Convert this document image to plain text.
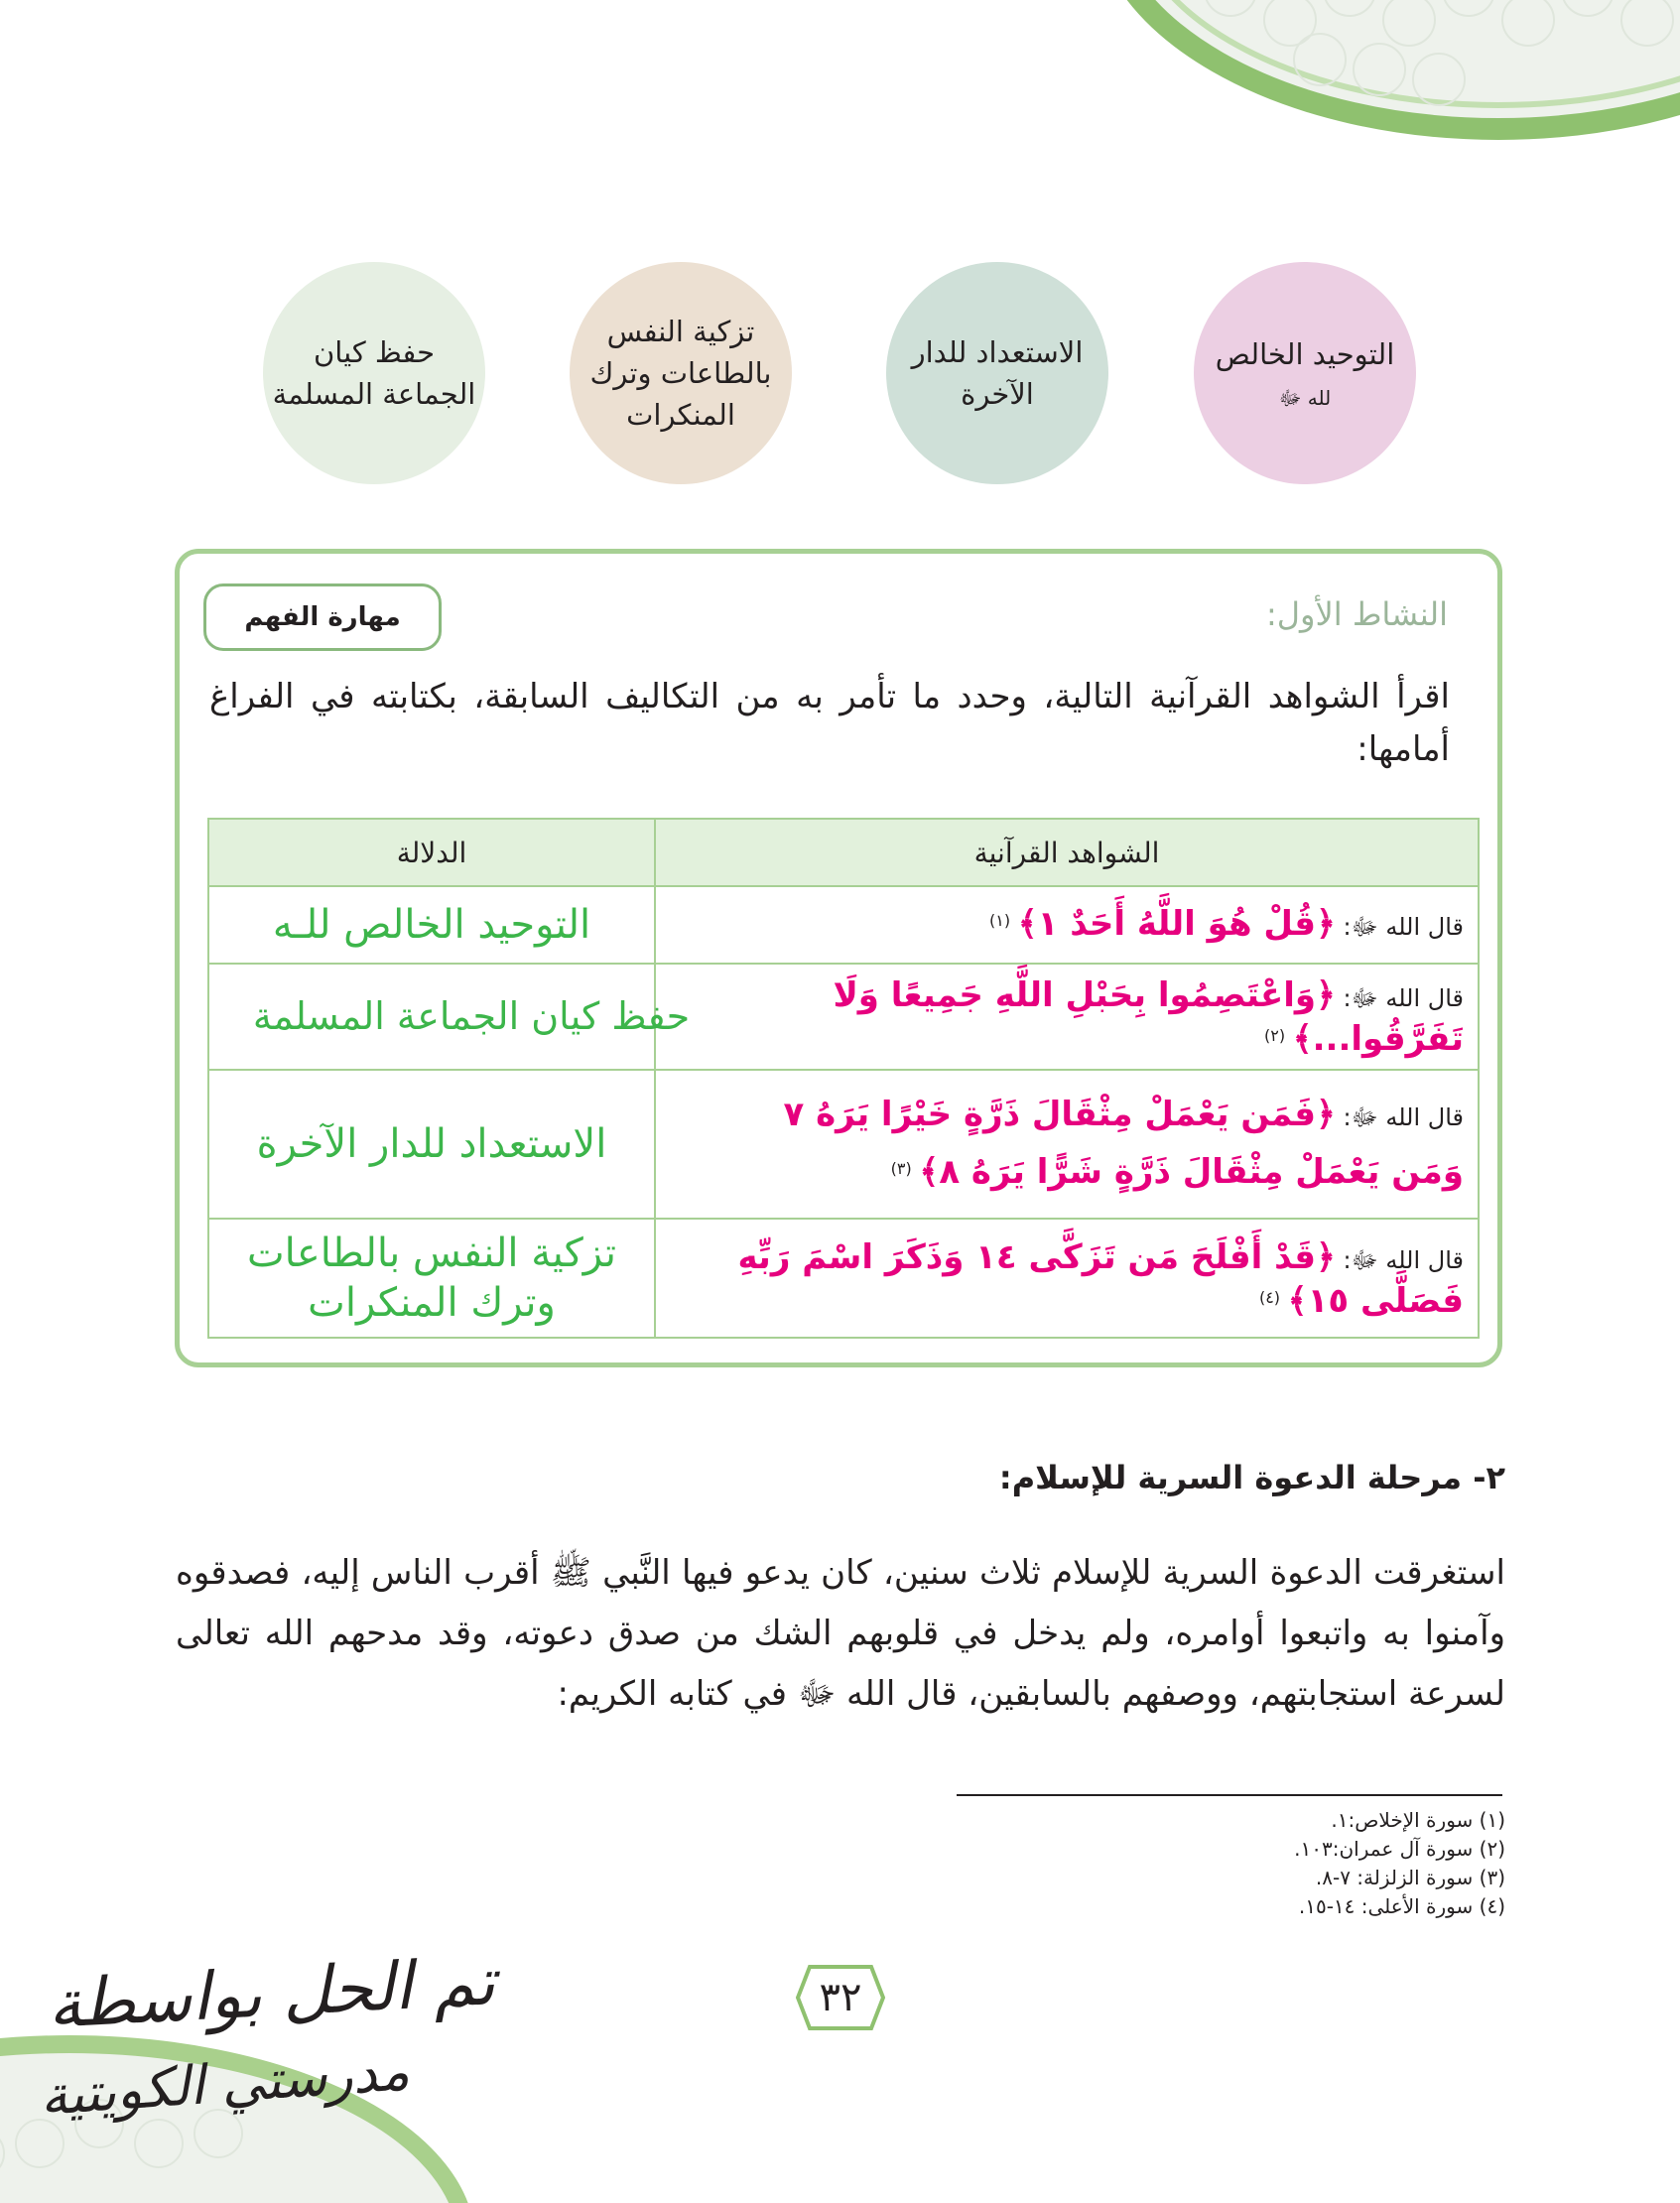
التوحيد الخالص
لله ﷻ
الاستعداد للدار
الآخرة
تزكية النفس
بالطاعات وترك
المنكرات
حفظ كيان
الجماعة المسلمة
النشاط الأول:
مهارة الفهم
اقرأ الشواهد القرآنية التالية، وحدد ما تأمر به من التكاليف السابقة، بكتابته في الفراغ أمامها:
الشواهد القرآنية	الدلالة
قال الله ﷻ: ﴿قُلْ هُوَ اللَّهُ أَحَدٌ ١﴾ $^{(١)}$	التوحيد الخالص للـه
قال الله ﷻ: ﴿وَاعْتَصِمُوا بِحَبْلِ اللَّهِ جَمِيعًا وَلَا تَفَرَّقُوا...﴾ $^{(٢)}$	حفظ كيان الجماعة المسلمة

قال الله ﷻ: ﴿فَمَن يَعْمَلْ مِثْقَالَ ذَرَّةٍ خَيْرًا يَرَهُ ٧
وَمَن يَعْمَلْ مِثْقَالَ ذَرَّةٍ شَرًّا يَرَهُ ٨﴾ $^{(٣)}$	الاستعداد للدار الآخرة
قال الله ﷻ: ﴿قَدْ أَفْلَحَ مَن تَزَكَّى ١٤ وَذَكَرَ اسْمَ رَبِّهِ فَصَلَّى ١٥﴾ $^{(٤)}$	تزكية النفس بالطاعات
وترك المنكرات
٢- مرحلة الدعوة السرية للإسلام:
استغرقت الدعوة السرية للإسلام ثلاث سنين، كان يدعو فيها النَّبي ﷺ أقرب الناس إليه، فصدقوه وآمنوا به واتبعوا أوامره، ولم يدخل في قلوبهم الشك من صدق دعوته، وقد مدحهم الله تعالى لسرعة استجابتهم، ووصفهم بالسابقين، قال الله ﷻ في كتابه الكريم:
(١) سورة الإخلاص:١.
(٢) سورة آل عمران:١٠٣.
(٣) سورة الزلزلة: ٧-٨.
(٤) سورة الأعلى: ١٤-١٥.
٣٢
تم الحل بواسطة
مدرستي الكويتية
